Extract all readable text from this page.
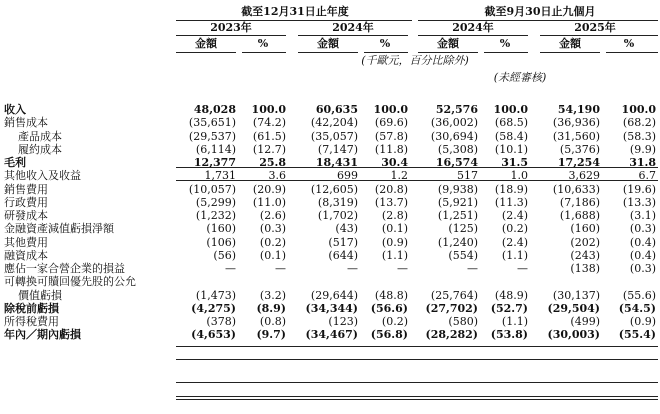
截至12月31日止年度	截至9月30日止九個月
2023年	2024年	2024年	2025年
金額	%	金額	%	金額	%	金額	%
(千歐元，百分比除外)
(未經審核)
收入	48,028	100.0	60,635	100.0	52,576	100.0	54,190	100.0
銷售成本	(35,651)	(74.2)	(42,204)	(69.6)	(36,002)	(68.5)	(36,936)	(68.2)
產品成本	(29,537)	(61.5)	(35,057)	(57.8)	(30,694)	(58.4)	(31,560)	(58.3)
履約成本	(6,114)	(12.7)	(7,147)	(11.8)	(5,308)	(10.1)	(5,376)	(9.9)
毛利	12,377	25.8	18,431	30.4	16,574	31.5	17,254	31.8
其他收入及收益	1,731	3.6	699	1.2	517	1.0	3,629	6.7
銷售費用	(10,057)	(20.9)	(12,605)	(20.8)	(9,938)	(18.9)	(10,633)	(19.6)
行政費用	(5,299)	(11.0)	(8,319)	(13.7)	(5,921)	(11.3)	(7,186)	(13.3)
研發成本	(1,232)	(2.6)	(1,702)	(2.8)	(1,251)	(2.4)	(1,688)	(3.1)
金融資產減值虧損淨額	(160)	(0.3)	(43)	(0.1)	(125)	(0.2)	(160)	(0.3)
其他費用	(106)	(0.2)	(517)	(0.9)	(1,240)	(2.4)	(202)	(0.4)
融資成本	(56)	(0.1)	(644)	(1.1)	(554)	(1.1)	(243)	(0.4)
應佔一家合營企業的損益	—	—	—	—	—	—	(138)	(0.3)
可轉換可贖回優先股的公允
價值虧損	(1,473)	(3.2)	(29,644)	(48.8)	(25,764)	(48.9)	(30,137)	(55.6)
除稅前虧損	(4,275)	(8.9)	(34,344)	(56.6)	(27,702)	(52.7)	(29,504)	(54.5)
所得稅費用	(378)	(0.8)	(123)	(0.2)	(580)	(1.1)	(499)	(0.9)
年內／期內虧損	(4,653)	(9.7)	(34,467)	(56.8)	(28,282)	(53.8)	(30,003)	(55.4)
